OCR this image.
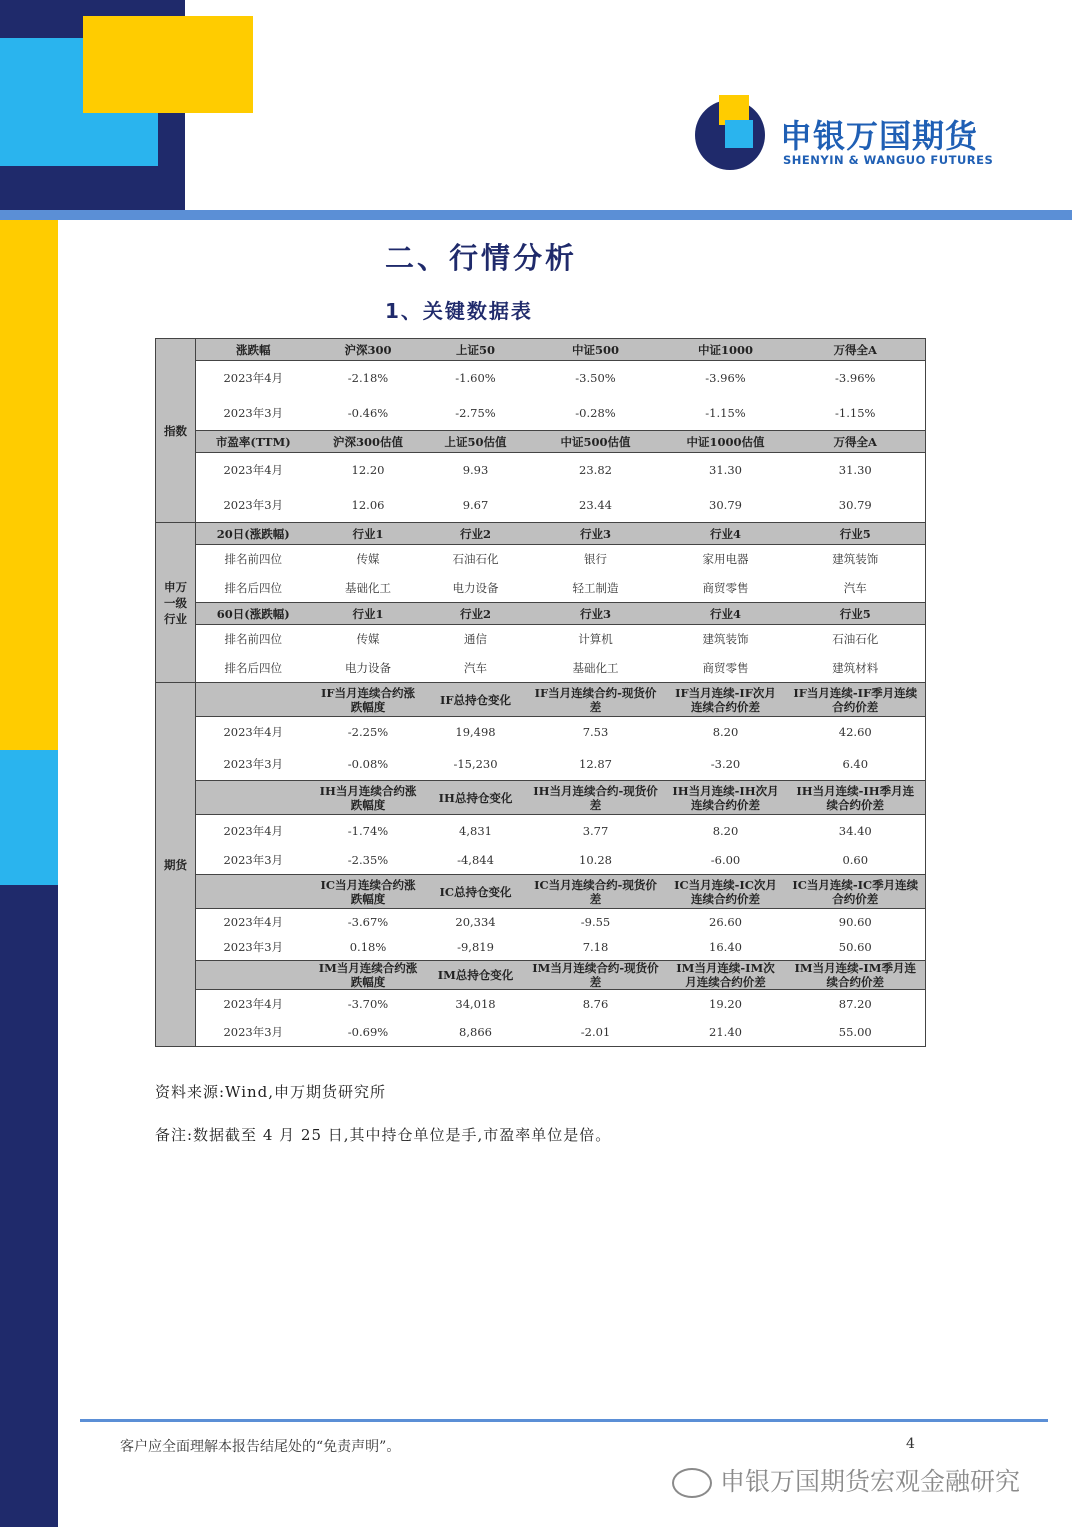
申银万国期货
SHENYIN & WANGUO FUTURES
二、行情分析
1、关键数据表
指数	涨跌幅	沪深300	上证50	中证500	中证1000	万得全A
	2023年4月	-2.18%	-1.60%	-3.50%	-3.96%	-3.96%
	2023年3月	-0.46%	-2.75%	-0.28%	-1.15%	-1.15%
	市盈率(TTM)	沪深300估值	上证50估值	中证500估值	中证1000估值	万得全A
	2023年4月	12.20	9.93	23.82	31.30	31.30
	2023年3月	12.06	9.67	23.44	30.79	30.79
申万
一级
行业	20日(涨跌幅)	行业1	行业2	行业3	行业4	行业5
	排名前四位	传媒	石油石化	银行	家用电器	建筑装饰
	排名后四位	基础化工	电力设备	轻工制造	商贸零售	汽车
	60日(涨跌幅)	行业1	行业2	行业3	行业4	行业5
	排名前四位	传媒	通信	计算机	建筑装饰	石油石化
	排名后四位	电力设备	汽车	基础化工	商贸零售	建筑材料
期货		IF当月连续合约涨跌幅度	IF总持仓变化	IF当月连续合约-现货价差	IF当月连续-IF次月连续合约价差	IF当月连续-IF季月连续合约价差
	2023年4月	-2.25%	19,498	7.53	8.20	42.60
	2023年3月	-0.08%	-15,230	12.87	-3.20	6.40
		IH当月连续合约涨跌幅度	IH总持仓变化	IH当月连续合约-现货价差	IH当月连续-IH次月连续合约价差	IH当月连续-IH季月连续合约价差
	2023年4月	-1.74%	4,831	3.77	8.20	34.40
	2023年3月	-2.35%	-4,844	10.28	-6.00	0.60
		IC当月连续合约涨跌幅度	IC总持仓变化	IC当月连续合约-现货价差	IC当月连续-IC次月连续合约价差	IC当月连续-IC季月连续合约价差
	2023年4月	-3.67%	20,334	-9.55	26.60	90.60
	2023年3月	0.18%	-9,819	7.18	16.40	50.60
		IM当月连续合约涨跌幅度	IM总持仓变化	IM当月连续合约-现货价差	IM当月连续-IM次月连续合约价差	IM当月连续-IM季月连续合约价差
	2023年4月	-3.70%	34,018	8.76	19.20	87.20
	2023年3月	-0.69%	8,866	-2.01	21.40	55.00
资料来源:Wind,申万期货研究所
备注:数据截至 4 月 25 日,其中持仓单位是手,市盈率单位是倍。
客户应全面理解本报告结尾处的“免责声明”。	4
申银万国期货宏观金融研究
